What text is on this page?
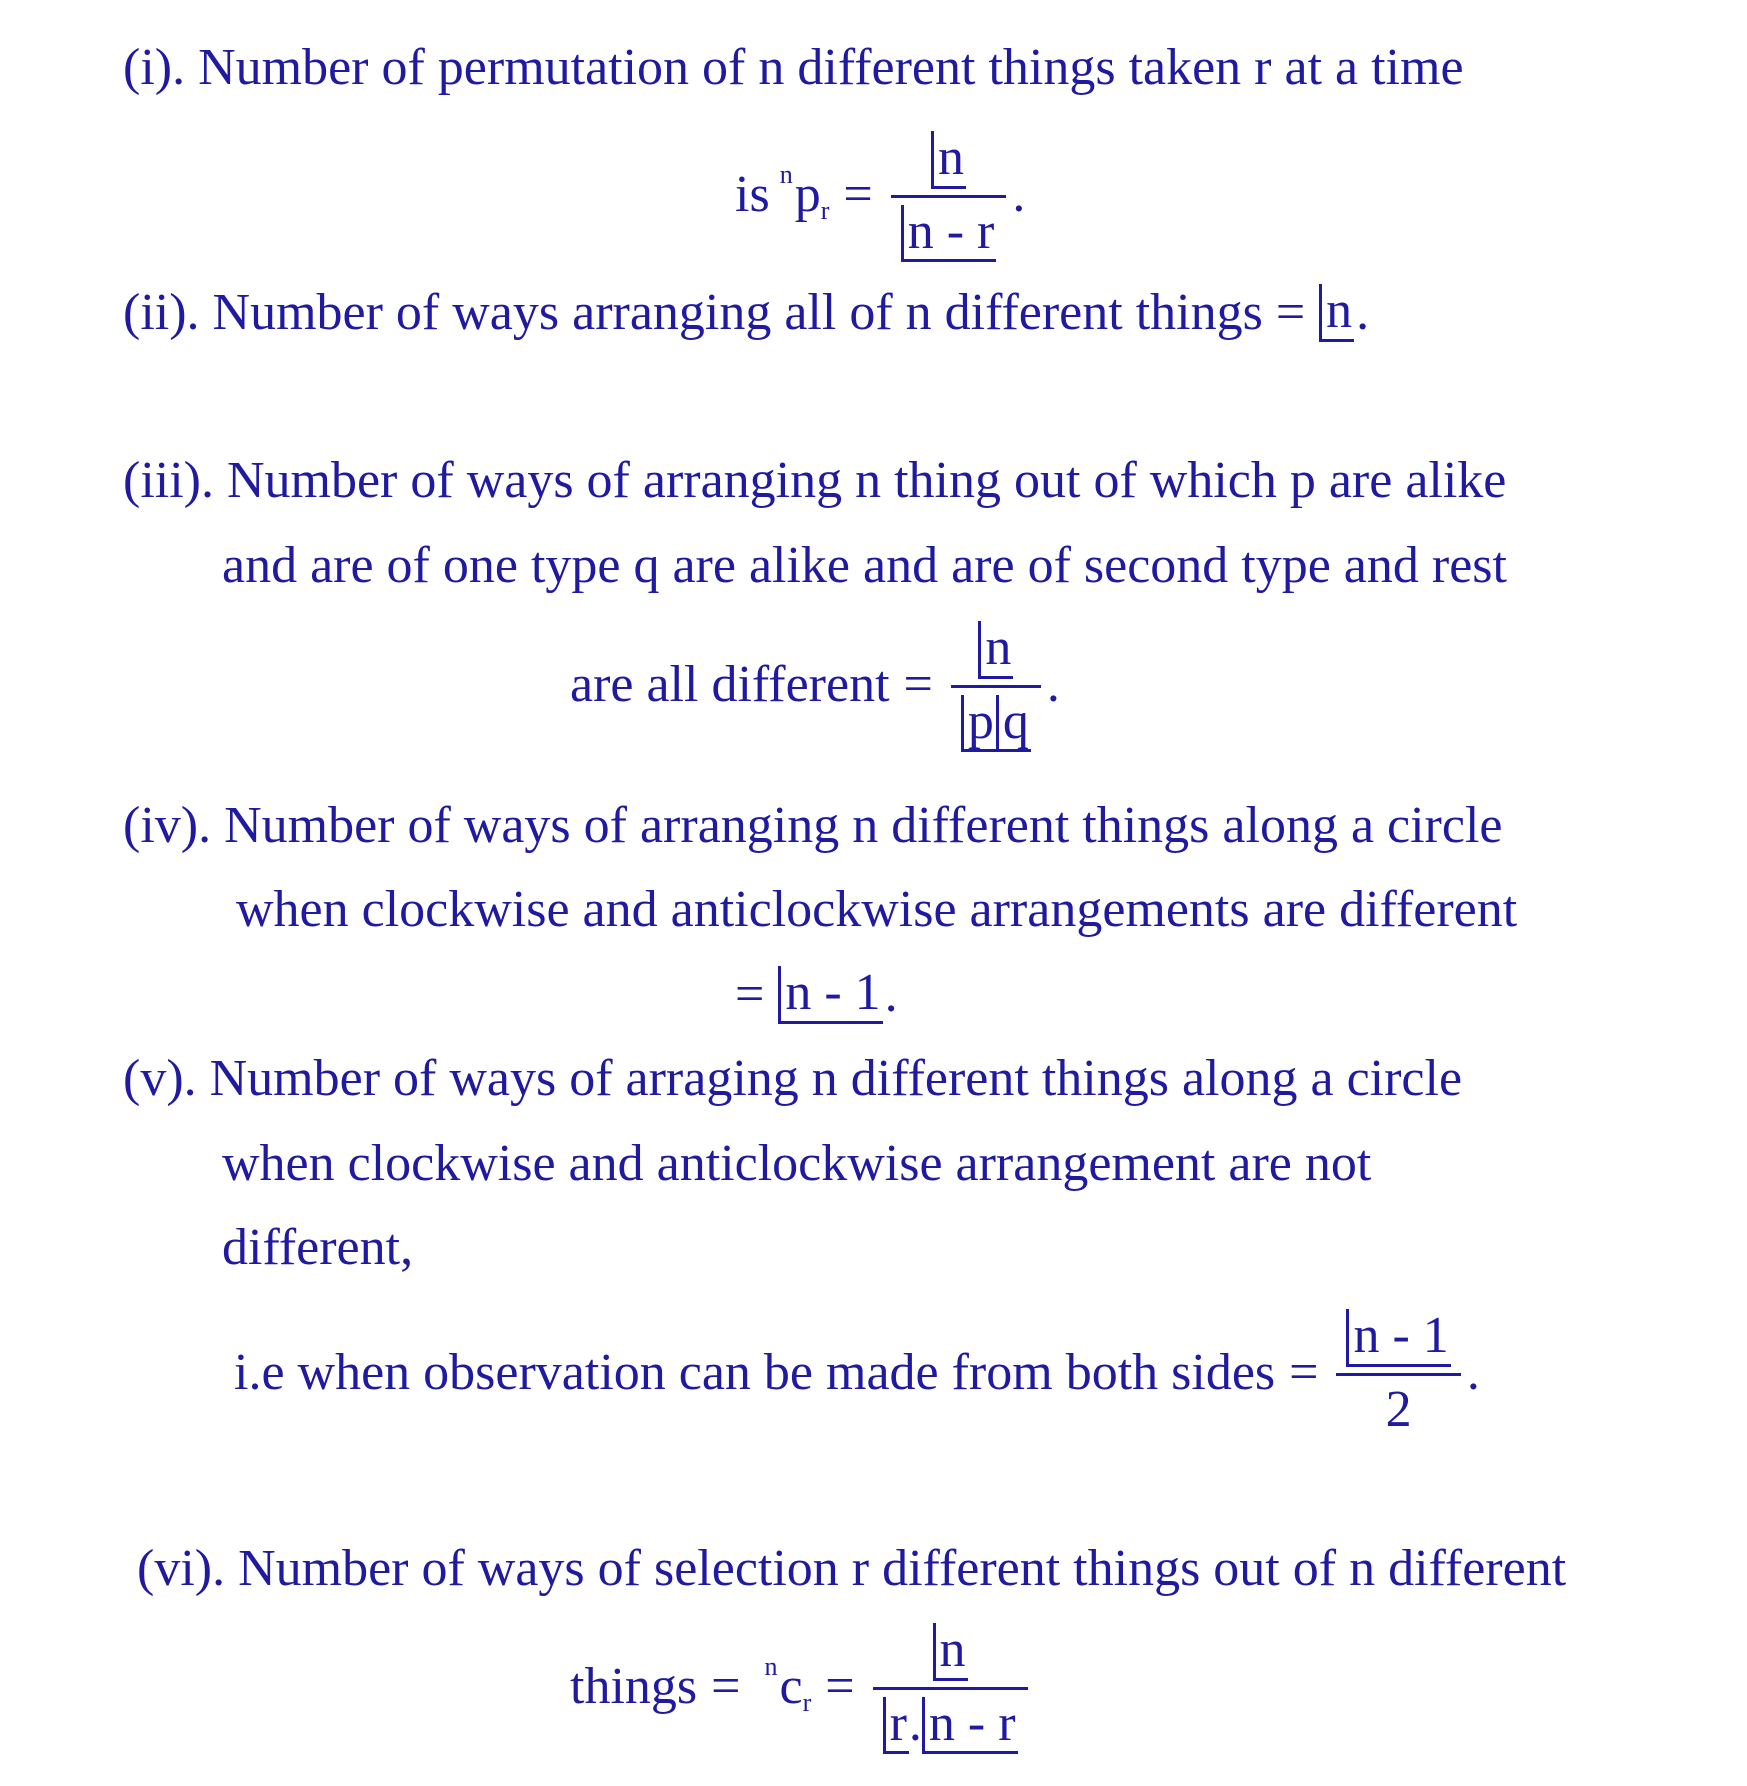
(i). Number of permutation of n different things taken r at a time
is n p $r = \frac{n}{n - r}$ .
(ii). Number of ways arranging all of n different things = n .
(iii). Number of ways of arranging n thing out of which p are alike
and are of one type q are alike and are of second type and rest
are all different = $\frac{n}{\text{p q}}$ .
(iv). Number of ways of arranging n different things along a circle
when clockwise and anticlockwise arrangements are different
= n - 1 .
(v). Number of ways of arraging n different things along a circle
when clockwise and anticlockwise arrangement are not
different,
i.e when observation can be made from both sides = $\frac{n - 1}{2}$ .
(vi). Number of ways of selection r different things out of n different
things = n c $r = \frac{n}{r. n - r}$
